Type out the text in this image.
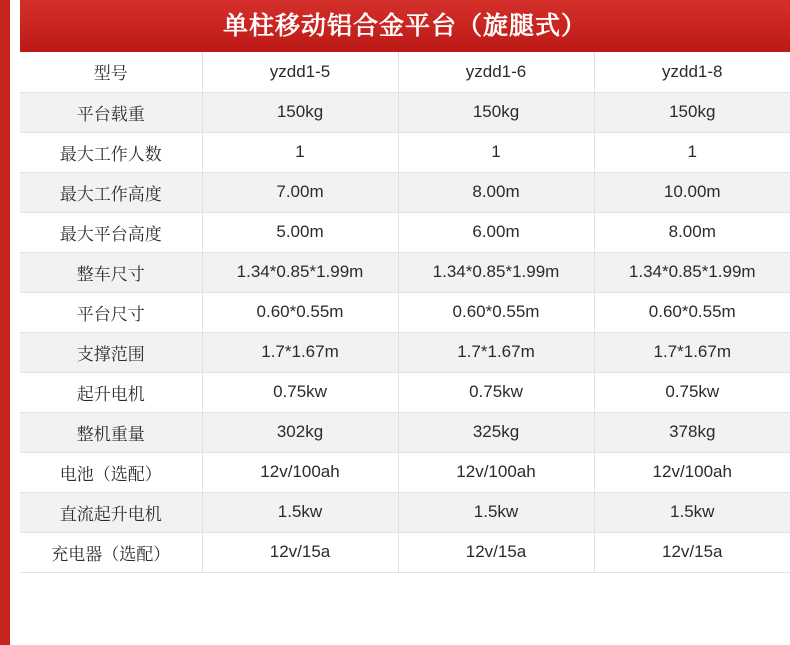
单柱移动铝合金平台（旋腿式）
型号	yzdd1-5	yzdd1-6	yzdd1-8
平台载重	150kg	150kg	150kg
最大工作人数	1	1	1
最大工作高度	7.00m	8.00m	10.00m
最大平台高度	5.00m	6.00m	8.00m
整车尺寸	1.34*0.85*1.99m	1.34*0.85*1.99m	1.34*0.85*1.99m
平台尺寸	0.60*0.55m	0.60*0.55m	0.60*0.55m
支撑范围	1.7*1.67m	1.7*1.67m	1.7*1.67m
起升电机	0.75kw	0.75kw	0.75kw
整机重量	302kg	325kg	378kg
电池（选配）	12v/100ah	12v/100ah	12v/100ah
直流起升电机	1.5kw	1.5kw	1.5kw
充电器（选配）	12v/15a	12v/15a	12v/15a
